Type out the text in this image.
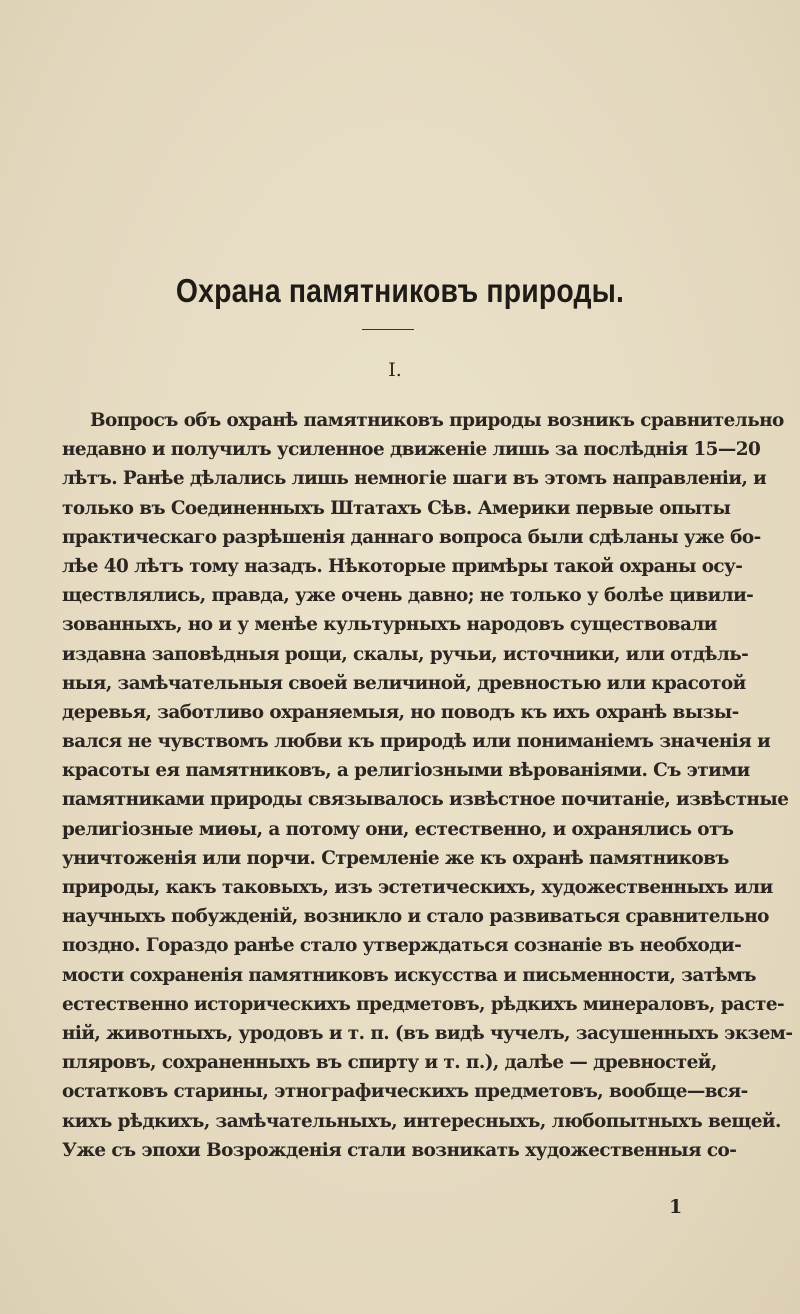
Охрана памятниковъ природы.
I.
Вопросъ объ охранѣ памятниковъ природы возникъ сравнительно
недавно и получилъ усиленное движеніе лишь за послѣднія 15—20
лѣтъ. Ранѣе дѣлались лишь немногіе шаги въ этомъ направленіи, и
только въ Соединенныхъ Штатахъ Сѣв. Америки первые опыты
практическаго разрѣшенія даннаго вопроса были сдѣланы уже бо-
лѣе 40 лѣтъ тому назадъ. Нѣкоторые примѣры такой охраны осу-
ществлялись, правда, уже очень давно; не только у болѣе цивили-
зованныхъ, но и у менѣе культурныхъ народовъ существовали
издавна заповѣдныя рощи, скалы, ручьи, источники, или отдѣль-
ныя, замѣчательныя своей величиной, древностью или красотой
деревья, заботливо охраняемыя, но поводъ къ ихъ охранѣ вызы-
вался не чувствомъ любви къ природѣ или пониманіемъ значенія и
красоты ея памятниковъ, а религіозными вѣрованіями. Съ этими
памятниками природы связывалось извѣстное почитаніе, извѣстные
религіозные миѳы, а потому они, естественно, и охранялись отъ
уничтоженія или порчи. Стремленіе же къ охранѣ памятниковъ
природы, какъ таковыхъ, изъ эстетическихъ, художественныхъ или
научныхъ побужденій, возникло и стало развиваться сравнительно
поздно. Гораздо ранѣе стало утверждаться сознаніе въ необходи-
мости сохраненія памятниковъ искусства и письменности, затѣмъ
естественно историческихъ предметовъ, рѣдкихъ минераловъ, расте-
ній, животныхъ, уродовъ и т. п. (въ видѣ чучелъ, засушенныхъ экзем-
пляровъ, сохраненныхъ въ спирту и т. п.), далѣе — древностей,
остатковъ старины, этнографическихъ предметовъ, вообще—вся-
кихъ рѣдкихъ, замѣчательныхъ, интересныхъ, любопытныхъ вещей.
Уже съ эпохи Возрожденія стали возникать художественныя со-
1
